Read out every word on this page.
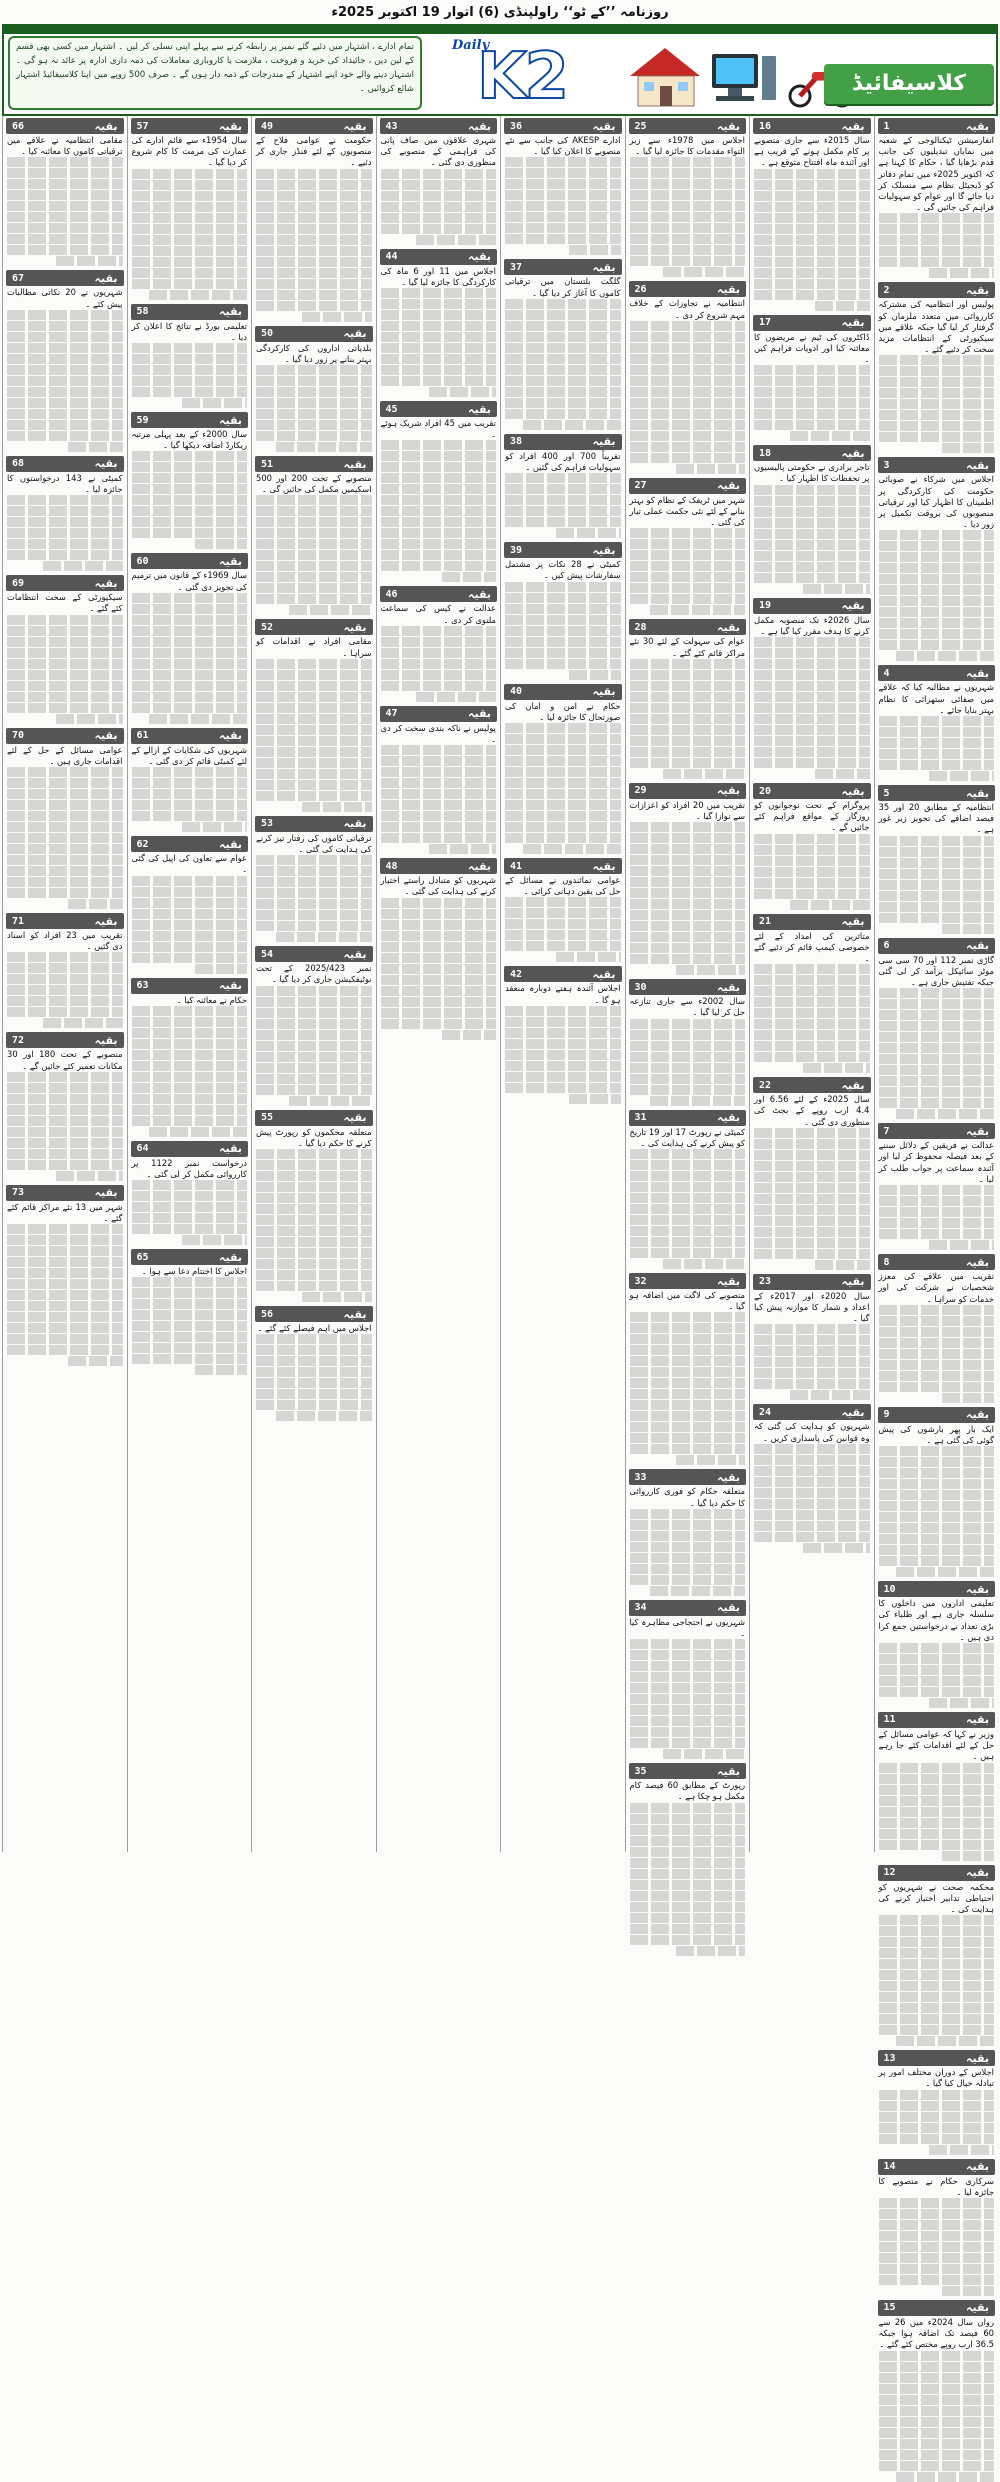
روزنامہ ’’کے ٹو‘‘ راولپنڈی (6) اتوار 19 اکتوبر 2025ء
تمام ادارے ، اشتہار میں دئیے گئے نمبر پر رابطہ کرنے سے پہلے اپنی تسلی کر لیں ۔ اشتہار میں کسی بھی قسم کے لین دین ، جائیداد کی خرید و فروخت ، ملازمت یا کاروباری معاملات کی ذمہ داری ادارہ پر عائد نہ ہو گی ۔ اشتہار دینے والے خود اپنے اشتہار کے مندرجات کے ذمہ دار ہوں گے ۔ صرف 500 روپے میں اپنا کلاسیفائیڈ اشتہار شائع کروائیں ۔
Daily
K2	کلاسیفائیڈ
بقیہ
1
انفارمیشن ٹیکنالوجی کے شعبہ میں نمایاں تبدیلیوں کی جانب قدم بڑھایا گیا ، حکام کا کہنا ہے کہ اکتوبر 2025ء میں تمام دفاتر کو ڈیجیٹل نظام سے منسلک کر دیا جائے گا اور عوام کو سہولیات فراہم کی جائیں گی ۔
بقیہ
2
پولیس اور انتظامیہ کی مشترکہ کارروائی میں متعدد ملزمان کو گرفتار کر لیا گیا جبکہ علاقے میں سیکیورٹی کے انتظامات مزید سخت کر دئیے گئے ۔
بقیہ
3
اجلاس میں شرکاء نے صوبائی حکومت کی کارکردگی پر اطمینان کا اظہار کیا اور ترقیاتی منصوبوں کی بروقت تکمیل پر زور دیا ۔
بقیہ
4
شہریوں نے مطالبہ کیا کہ علاقے میں صفائی ستھرائی کا نظام بہتر بنایا جائے ۔
بقیہ
5
انتظامیہ کے مطابق 20 اور 35 فیصد اضافے کی تجویز زیر غور ہے ۔
بقیہ
6
گاڑی نمبر 112 اور 70 سی سی موٹر سائیکل برآمد کر لی گئی جبکہ تفتیش جاری ہے ۔
بقیہ
7
عدالت نے فریقین کے دلائل سننے کے بعد فیصلہ محفوظ کر لیا اور آئندہ سماعت پر جواب طلب کر لیا ۔
بقیہ
8
تقریب میں علاقے کی معزز شخصیات نے شرکت کی اور خدمات کو سراہا ۔
بقیہ
9
ایک بار پھر بارشوں کی پیش گوئی کی گئی ہے ۔
بقیہ
10
تعلیمی اداروں میں داخلوں کا سلسلہ جاری ہے اور طلباء کی بڑی تعداد نے درخواستیں جمع کرا دی ہیں ۔
بقیہ
11
وزیر نے کہا کہ عوامی مسائل کے حل کے لئے اقدامات کئے جا رہے ہیں ۔
بقیہ
12
محکمہ صحت نے شہریوں کو احتیاطی تدابیر اختیار کرنے کی ہدایت کی ۔
بقیہ
13
اجلاس کے دوران مختلف امور پر تبادلہ خیال کیا گیا ۔
بقیہ
14
سرکاری حکام نے منصوبے کا جائزہ لیا ۔
بقیہ
15
رواں سال 2024ء میں 26 سے 60 فیصد تک اضافہ ہوا جبکہ 36.5 ارب روپے مختص کئے گئے ۔
بقیہ
16
سال 2015ء سے جاری منصوبے پر کام مکمل ہونے کے قریب ہے اور آئندہ ماہ افتتاح متوقع ہے ۔
بقیہ
17
ڈاکٹروں کی ٹیم نے مریضوں کا معائنہ کیا اور ادویات فراہم کیں ۔
بقیہ
18
تاجر برادری نے حکومتی پالیسیوں پر تحفظات کا اظہار کیا ۔
بقیہ
19
سال 2026ء تک منصوبہ مکمل کرنے کا ہدف مقرر کیا گیا ہے ۔
بقیہ
20
پروگرام کے تحت نوجوانوں کو روزگار کے مواقع فراہم کئے جائیں گے ۔
بقیہ
21
متاثرین کی امداد کے لئے خصوصی کیمپ قائم کر دئیے گئے ۔
بقیہ
22
سال 2025ء کے لئے 6.56 اور 4.4 ارب روپے کے بجٹ کی منظوری دی گئی ۔
بقیہ
23
سال 2020ء اور 2017ء کے اعداد و شمار کا موازنہ پیش کیا گیا ۔
بقیہ
24
شہریوں کو ہدایت کی گئی کہ وہ قوانین کی پاسداری کریں ۔
بقیہ
25
اجلاس میں 1978ء سے زیر التواء مقدمات کا جائزہ لیا گیا ۔
بقیہ
26
انتظامیہ نے تجاوزات کے خلاف مہم شروع کر دی ۔
بقیہ
27
شہر میں ٹریفک کے نظام کو بہتر بنانے کے لئے نئی حکمت عملی تیار کی گئی ۔
بقیہ
28
عوام کی سہولت کے لئے 30 نئے مراکز قائم کئے گئے ۔
بقیہ
29
تقریب میں 20 افراد کو اعزازات سے نوازا گیا ۔
بقیہ
30
سال 2002ء سے جاری تنازعہ حل کر لیا گیا ۔
بقیہ
31
کمیٹی نے رپورٹ 17 اور 19 تاریخ کو پیش کرنے کی ہدایت کی ۔
بقیہ
32
منصوبے کی لاگت میں اضافہ ہو گیا ۔
بقیہ
33
متعلقہ حکام کو فوری کارروائی کا حکم دیا گیا ۔
بقیہ
34
شہریوں نے احتجاجی مظاہرہ کیا ۔
بقیہ
35
رپورٹ کے مطابق 60 فیصد کام مکمل ہو چکا ہے ۔
بقیہ
36
ادارے AKESP کی جانب سے نئے منصوبے کا اعلان کیا گیا ۔
بقیہ
37
گلگت بلتستان میں ترقیاتی کاموں کا آغاز کر دیا گیا ۔
بقیہ
38
تقریباً 700 اور 400 افراد کو سہولیات فراہم کی گئیں ۔
بقیہ
39
کمیٹی نے 28 نکات پر مشتمل سفارشات پیش کیں ۔
بقیہ
40
حکام نے امن و امان کی صورتحال کا جائزہ لیا ۔
بقیہ
41
عوامی نمائندوں نے مسائل کے حل کی یقین دہانی کرائی ۔
بقیہ
42
اجلاس آئندہ ہفتے دوبارہ منعقد ہو گا ۔
بقیہ
43
شہری علاقوں میں صاف پانی کی فراہمی کے منصوبے کی منظوری دی گئی ۔
بقیہ
44
اجلاس میں 11 اور 6 ماہ کی کارکردگی کا جائزہ لیا گیا ۔
بقیہ
45
تقریب میں 45 افراد شریک ہوئے ۔
بقیہ
46
عدالت نے کیس کی سماعت ملتوی کر دی ۔
بقیہ
47
پولیس نے ناکہ بندی سخت کر دی ۔
بقیہ
48
شہریوں کو متبادل راستے اختیار کرنے کی ہدایت کی گئی ۔
بقیہ
49
حکومت نے عوامی فلاح کے منصوبوں کے لئے فنڈز جاری کر دئیے ۔
بقیہ
50
بلدیاتی اداروں کی کارکردگی بہتر بنانے پر زور دیا گیا ۔
بقیہ
51
منصوبے کے تحت 200 اور 500 اسکیمیں مکمل کی جائیں گی ۔
بقیہ
52
مقامی افراد نے اقدامات کو سراہا ۔
بقیہ
53
ترقیاتی کاموں کی رفتار تیز کرنے کی ہدایت کی گئی ۔
بقیہ
54
نمبر 2025/423 کے تحت نوٹیفکیشن جاری کر دیا گیا ۔
بقیہ
55
متعلقہ محکموں کو رپورٹ پیش کرنے کا حکم دیا گیا ۔
بقیہ
56
اجلاس میں اہم فیصلے کئے گئے ۔
بقیہ
57
سال 1954ء سے قائم ادارے کی عمارت کی مرمت کا کام شروع کر دیا گیا ۔
بقیہ
58
تعلیمی بورڈ نے نتائج کا اعلان کر دیا ۔
بقیہ
59
سال 2000ء کے بعد پہلی مرتبہ ریکارڈ اضافہ دیکھا گیا ۔
بقیہ
60
سال 1969ء کے قانون میں ترمیم کی تجویز دی گئی ۔
بقیہ
61
شہریوں کی شکایات کے ازالے کے لئے کمیٹی قائم کر دی گئی ۔
بقیہ
62
عوام سے تعاون کی اپیل کی گئی ۔
بقیہ
63
حکام نے معائنہ کیا ۔
بقیہ
64
درخواست نمبر 1122 پر کارروائی مکمل کر لی گئی ۔
بقیہ
65
اجلاس کا اختتام دعا سے ہوا ۔
بقیہ
66
مقامی انتظامیہ نے علاقے میں ترقیاتی کاموں کا معائنہ کیا ۔
بقیہ
67
شہریوں نے 20 نکاتی مطالبات پیش کئے ۔
بقیہ
68
کمیٹی نے 143 درخواستوں کا جائزہ لیا ۔
بقیہ
69
سیکیورٹی کے سخت انتظامات کئے گئے ۔
بقیہ
70
عوامی مسائل کے حل کے لئے اقدامات جاری ہیں ۔
بقیہ
71
تقریب میں 23 افراد کو اسناد دی گئیں ۔
بقیہ
72
منصوبے کے تحت 180 اور 30 مکانات تعمیر کئے جائیں گے ۔
بقیہ
73
شہر میں 13 نئے مراکز قائم کئے گئے ۔
